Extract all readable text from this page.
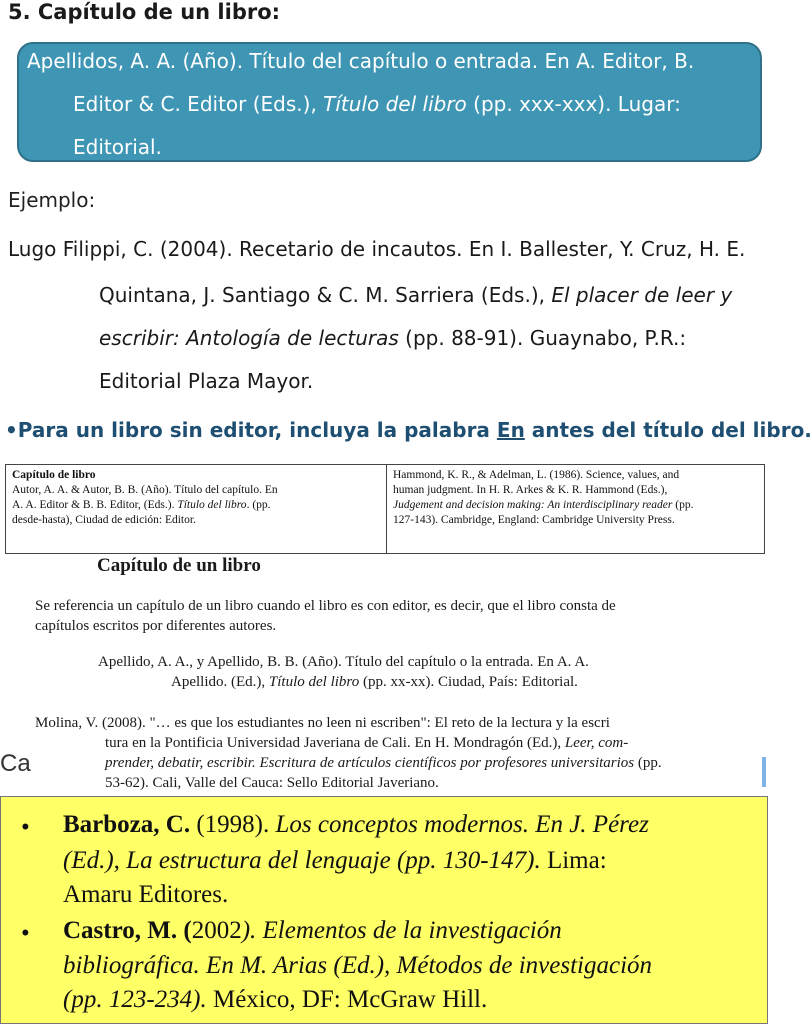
5. Capítulo de un libro:
Apellidos, A. A. (Año). Título del capítulo o entrada. En A. Editor, B.
Editor & C. Editor (Eds.), Título del libro (pp. xxx-xxx). Lugar:
Editorial.
Ejemplo:
Lugo Filippi, C. (2004). Recetario de incautos. En I. Ballester, Y. Cruz, H. E.
Quintana, J. Santiago & C. M. Sarriera (Eds.), El placer de leer y
escribir: Antología de lecturas (pp. 88-91). Guaynabo, P.R.:
Editorial Plaza Mayor.
•Para un libro sin editor, incluya la palabra En antes del título del libro.
Capítulo de libro
Autor, A. A. & Autor, B. B. (Año). Título del capítulo. En
A. A. Editor & B. B. Editor, (Eds.). Título del libro. (pp.
desde-hasta), Ciudad de edición: Editor.

Hammond, K. R., & Adelman, L. (1986). Science, values, and
human judgment. In H. R. Arkes & K. R. Hammond (Eds.),
Judgement and decision making: An interdisciplinary reader (pp.
127-143). Cambridge, England: Cambridge University Press.
Capítulo de un libro
Se referencia un capítulo de un libro cuando el libro es con editor, es decir, que el libro consta de
capítulos escritos por diferentes autores.
Apellido, A. A., y Apellido, B. B. (Año). Título del capítulo o la entrada. En A. A.
Apellido. (Ed.), Título del libro (pp. xx-xx). Ciudad, País: Editorial.
Molina, V. (2008). "… es que los estudiantes no leen ni escriben": El reto de la lectura y la escri
tura en la Pontificia Universidad Javeriana de Cali. En H. Mondragón (Ed.), Leer, com-
prender, debatir, escribir. Escritura de artículos científicos por profesores universitarios (pp.
53-62). Cali, Valle del Cauca: Sello Editorial Javeriano.
Ca
• Barboza, C. (1998). Los conceptos modernos. En J. Pérez
(Ed.), La estructura del lenguaje (pp. 130-147). Lima:
Amaru Editores.
• Castro, M. (2002). Elementos de la investigación
bibliográfica. En M. Arias (Ed.), Métodos de investigación
(pp. 123-234). México, DF: McGraw Hill.
